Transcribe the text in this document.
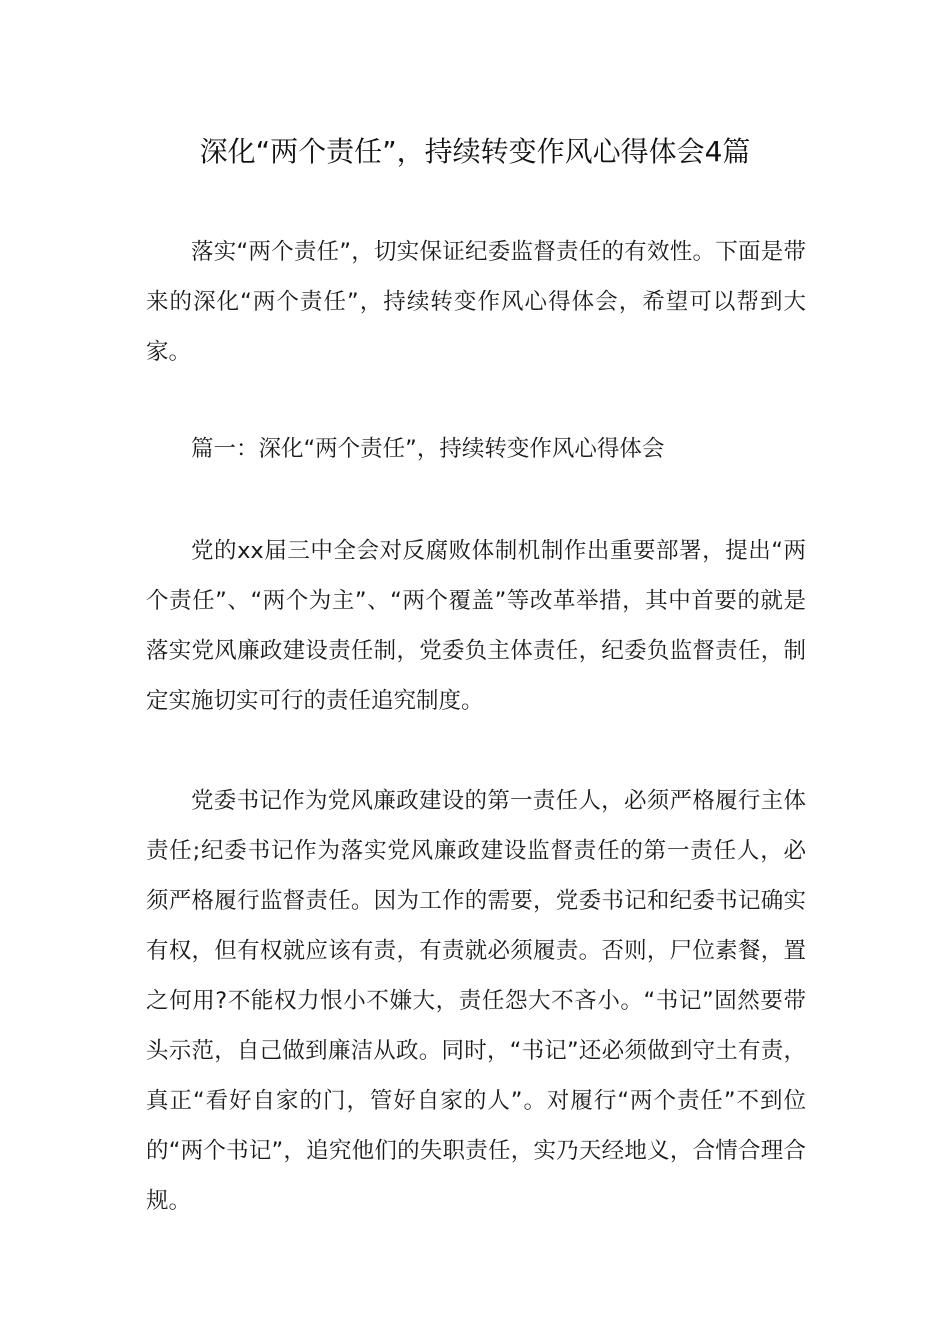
深化“两个责任”，持续转变作风心得体会4篇

落实“两个责任”，切实保证纪委监督责任的有效性。下面是带来的深化“两个责任”，持续转变作风心得体会，希望可以帮到大家。

篇一：深化“两个责任”，持续转变作风心得体会

党的xx届三中全会对反腐败体制机制作出重要部署，提出“两个责任”、“两个为主”、“两个覆盖”等改革举措，其中首要的就是落实党风廉政建设责任制，党委负主体责任，纪委负监督责任，制定实施切实可行的责任追究制度。

党委书记作为党风廉政建设的第一责任人，必须严格履行主体责任;纪委书记作为落实党风廉政建设监督责任的第一责任人，必须严格履行监督责任。因为工作的需要，党委书记和纪委书记确实有权，但有权就应该有责，有责就必须履责。否则，尸位素餐，置之何用?不能权力恨小不嫌大，责任怨大不吝小。“书记”固然要带头示范，自己做到廉洁从政。同时，“书记”还必须做到守土有责，真正“看好自家的门，管好自家的人”。对履行“两个责任”不到位的“两个书记”，追究他们的失职责任，实乃天经地义，合情合理合规。
